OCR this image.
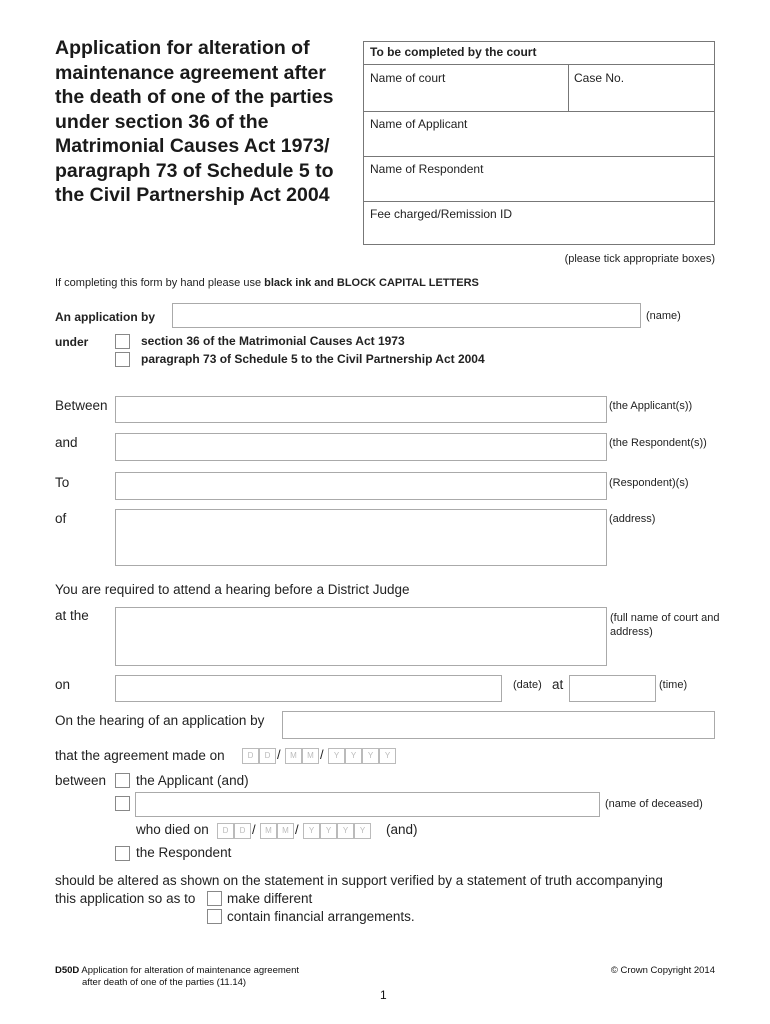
Application for alteration of maintenance agreement after the death of one of the parties under section 36 of the Matrimonial Causes Act 1973/ paragraph 73 of Schedule 5 to the Civil Partnership Act 2004
To be completed by the court
Name of court	Case No.
Name of Applicant
Name of Respondent
Fee charged/Remission ID
(please tick appropriate boxes)
If completing this form by hand please use black ink and BLOCK CAPITAL LETTERS
An application by	(name)
under	section 36 of the Matrimonial Causes Act 1973
paragraph 73 of Schedule 5 to the Civil Partnership Act 2004
Between	(the Applicant(s))
and	(the Respondent(s))
To	(Respondent)(s)
of	(address)
You are required to attend a hearing before a District Judge
at the	(full name of court and address)
on	(date) at	(time)
On the hearing of an application by
that the agreement made on
between the Applicant (and)
(name of deceased)
who died on	(and)
the Respondent
should be altered as shown on the statement in support verified by a statement of truth accompanying
this application so as to make different
contain financial arrangements.
D50D Application for alteration of maintenance agreement
after death of one of the parties (11.14)
© Crown Copyright 2014
1
D	D /	M	M /	Y	Y	Y	Y
D	D /	M	M /	Y	Y	Y	Y
